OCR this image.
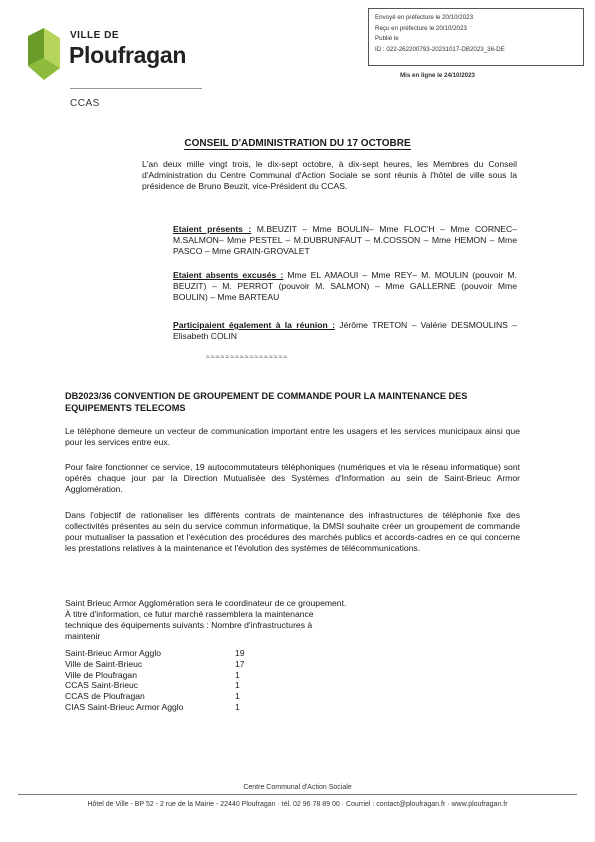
VILLE DE
Ploufragan
CCAS
Envoyé en préfecture le 20/10/2023
Reçu en préfecture le 20/10/2023
Publié le
ID : 022-262200793-20231017-DB2023_36-DE
Mis en ligne le 24/10/2023
CONSEIL D'ADMINISTRATION DU 17 OCTOBRE
L'an deux mille vingt trois, le dix-sept octobre, à dix-sept heures, les Membres du Conseil d'Administration du Centre Communal d'Action Sociale se sont réunis à l'hôtel de ville sous la présidence de Bruno Beuzit, vice-Président du CCAS.
Etaient présents : M.BEUZIT – Mme BOULIN– Mme FLOC'H – Mme CORNEC– M.SALMON– Mme PESTEL – M.DUBRUNFAUT – M.COSSON – Mme HEMON – Mme PASCO – Mme GRAIN-GROVALET
Etaient absents excusés : Mme EL AMAOUI – Mme REY– M. MOULIN (pouvoir M. BEUZIT) – M. PERROT (pouvoir M. SALMON) – Mme GALLERNE (pouvoir Mme BOULIN) – Mme BARTEAU
Participaient également à la réunion : Jérôme TRETON – Valérie DESMOULINS – Elisabeth COLIN
≈≈≈≈≈≈≈≈≈≈≈≈≈≈≈≈≈
DB2023/36 CONVENTION DE GROUPEMENT DE COMMANDE POUR LA MAINTENANCE DES EQUIPEMENTS TELECOMS
Le téléphone demeure un vecteur de communication important entre les usagers et les services municipaux ainsi que pour les services entre eux.
Pour faire fonctionner ce service, 19 autocommutateurs téléphoniques (numériques et via le réseau informatique) sont opérés chaque jour par la Direction Mutualisée des Systèmes d'Information au sein de Saint-Brieuc Armor Agglomération.
Dans l'objectif de rationaliser les différents contrats de maintenance des infrastructures de téléphonie fixe des collectivités présentes au sein du service commun informatique, la DMSI souhaite créer un groupement de commande pour mutualiser la passation et l'exécution des procédures des marchés publics et accords-cadres en ce qui concerne les prestations relatives à la maintenance et l'évolution des systèmes de télécommunications.
Saint Brieuc Armor Agglomération sera le coordinateur de ce groupement.
À titre d'information, ce futur marché rassemblera la maintenance
technique des équipements suivants : Nombre d'infrastructures à
maintenir
Saint-Brieuc Armor Agglo	19
Ville de Saint-Brieuc	17
Ville de Ploufragan	1
CCAS Saint-Brieuc	1
CCAS de Ploufragan	1
CIAS Saint-Brieuc Armor Agglo	1
Centre Communal d'Action Sociale
Hôtel de Ville - BP 52 - 2 rue de la Mairie - 22440 Ploufragan · tél. 02 96 78 89 00 · Courriel : contact@ploufragan.fr · www.ploufragan.fr
